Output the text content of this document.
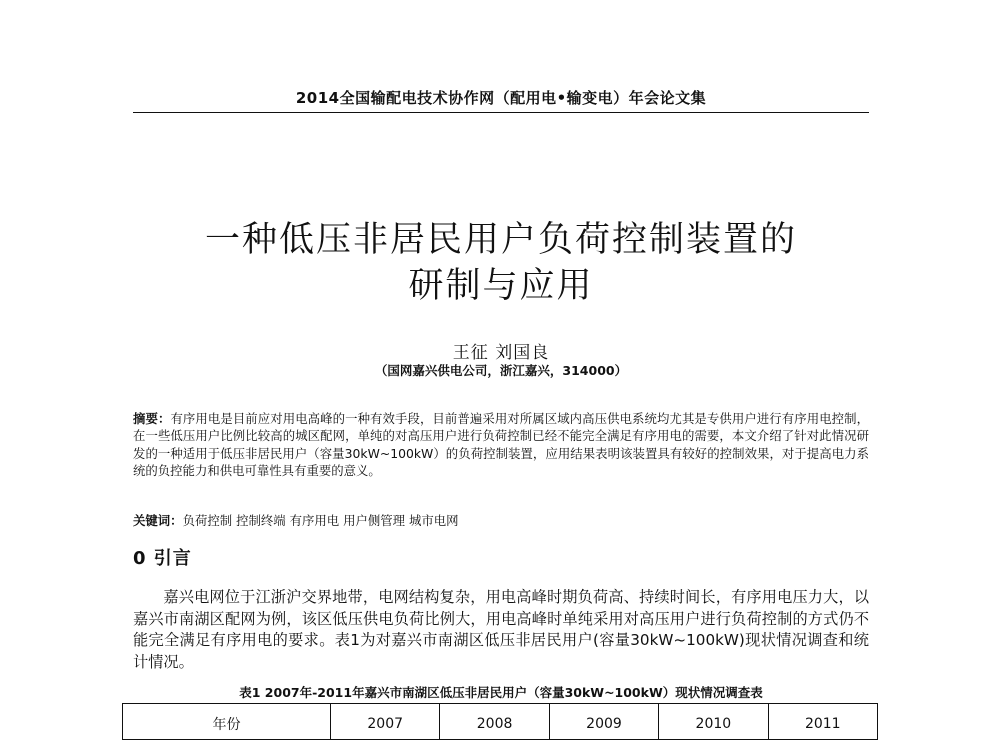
2014全国输配电技术协作网（配用电•输变电）年会论文集
一种低压非居民用户负荷控制装置的
研制与应用
王征 刘国良
（国网嘉兴供电公司，浙江嘉兴，314000）
摘要：有序用电是目前应对用电高峰的一种有效手段，目前普遍采用对所属区域内高压供电系统均尤其是专供用户进行有序用电控制，在一些低压用户比例比较高的城区配网，单纯的对高压用户进行负荷控制已经不能完全满足有序用电的需要，本文介绍了针对此情况研发的一种适用于低压非居民用户（容量30kW~100kW）的负荷控制装置，应用结果表明该装置具有较好的控制效果，对于提高电力系统的负控能力和供电可靠性具有重要的意义。
关键词：负荷控制 控制终端 有序用电 用户侧管理 城市电网
0 引言
嘉兴电网位于江浙沪交界地带，电网结构复杂，用电高峰时期负荷高、持续时间长，有序用电压力大，以嘉兴市南湖区配网为例，该区低压供电负荷比例大，用电高峰时单纯采用对高压用户进行负荷控制的方式仍不能完全满足有序用电的要求。表1为对嘉兴市南湖区低压非居民用户(容量30kW~100kW)现状情况调查和统计情况。
表1 2007年-2011年嘉兴市南湖区低压非居民用户（容量30kW~100kW）现状情况调查表
年份	2007	2008	2009	2010	2011
